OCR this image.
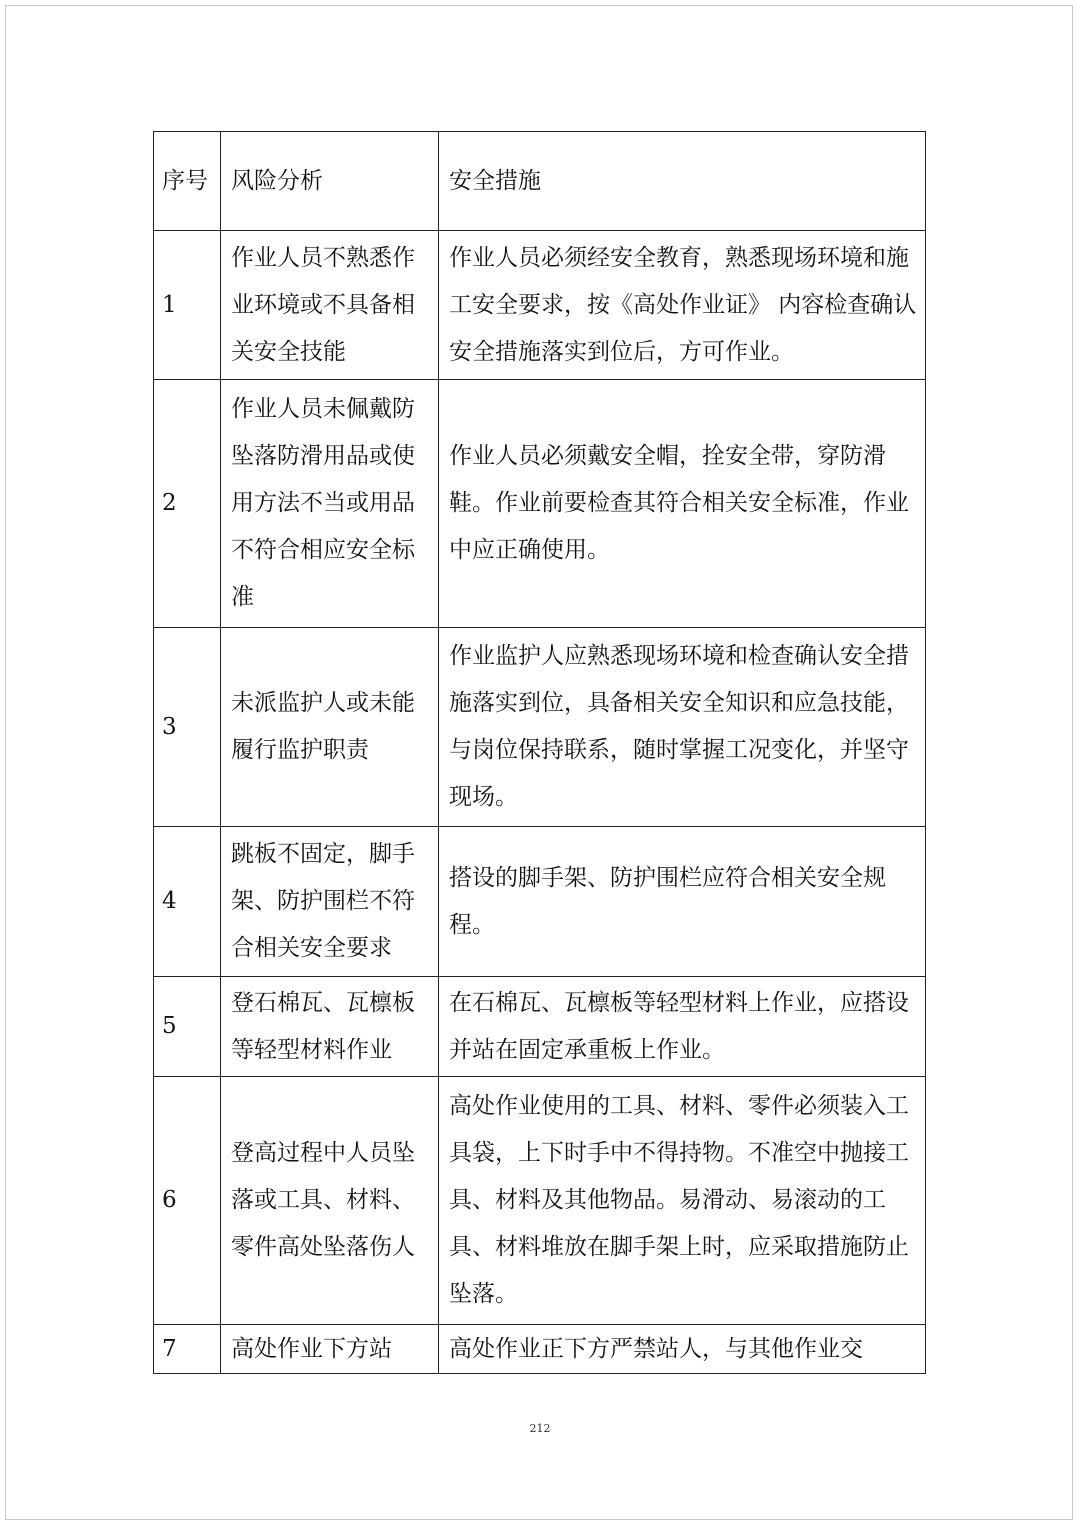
序号	风险分析	安全措施
1	作业人员不熟悉作业环境或不具备相关安全技能	作业人员必须经安全教育，熟悉现场环境和施工安全要求，按《高处作业证》 内容检查确认安全措施落实到位后，方可作业。
2	作业人员未佩戴防坠落防滑用品或使用方法不当或用品不符合相应安全标准	作业人员必须戴安全帽，拴安全带，穿防滑鞋。作业前要检查其符合相关安全标准，作业中应正确使用。
3	未派监护人或未能履行监护职责	作业监护人应熟悉现场环境和检查确认安全措施落实到位，具备相关安全知识和应急技能，与岗位保持联系，随时掌握工况变化，并坚守现场。
4	跳板不固定，脚手架、防护围栏不符合相关安全要求	搭设的脚手架、防护围栏应符合相关安全规程。
5	登石棉瓦、瓦檩板等轻型材料作业	在石棉瓦、瓦檩板等轻型材料上作业，应搭设并站在固定承重板上作业。
6	登高过程中人员坠落或工具、材料、零件高处坠落伤人	高处作业使用的工具、材料、零件必须装入工具袋，上下时手中不得持物。不准空中抛接工具、材料及其他物品。易滑动、易滚动的工具、材料堆放在脚手架上时，应采取措施防止坠落。
7	高处作业下方站	高处作业正下方严禁站人，与其他作业交
212
